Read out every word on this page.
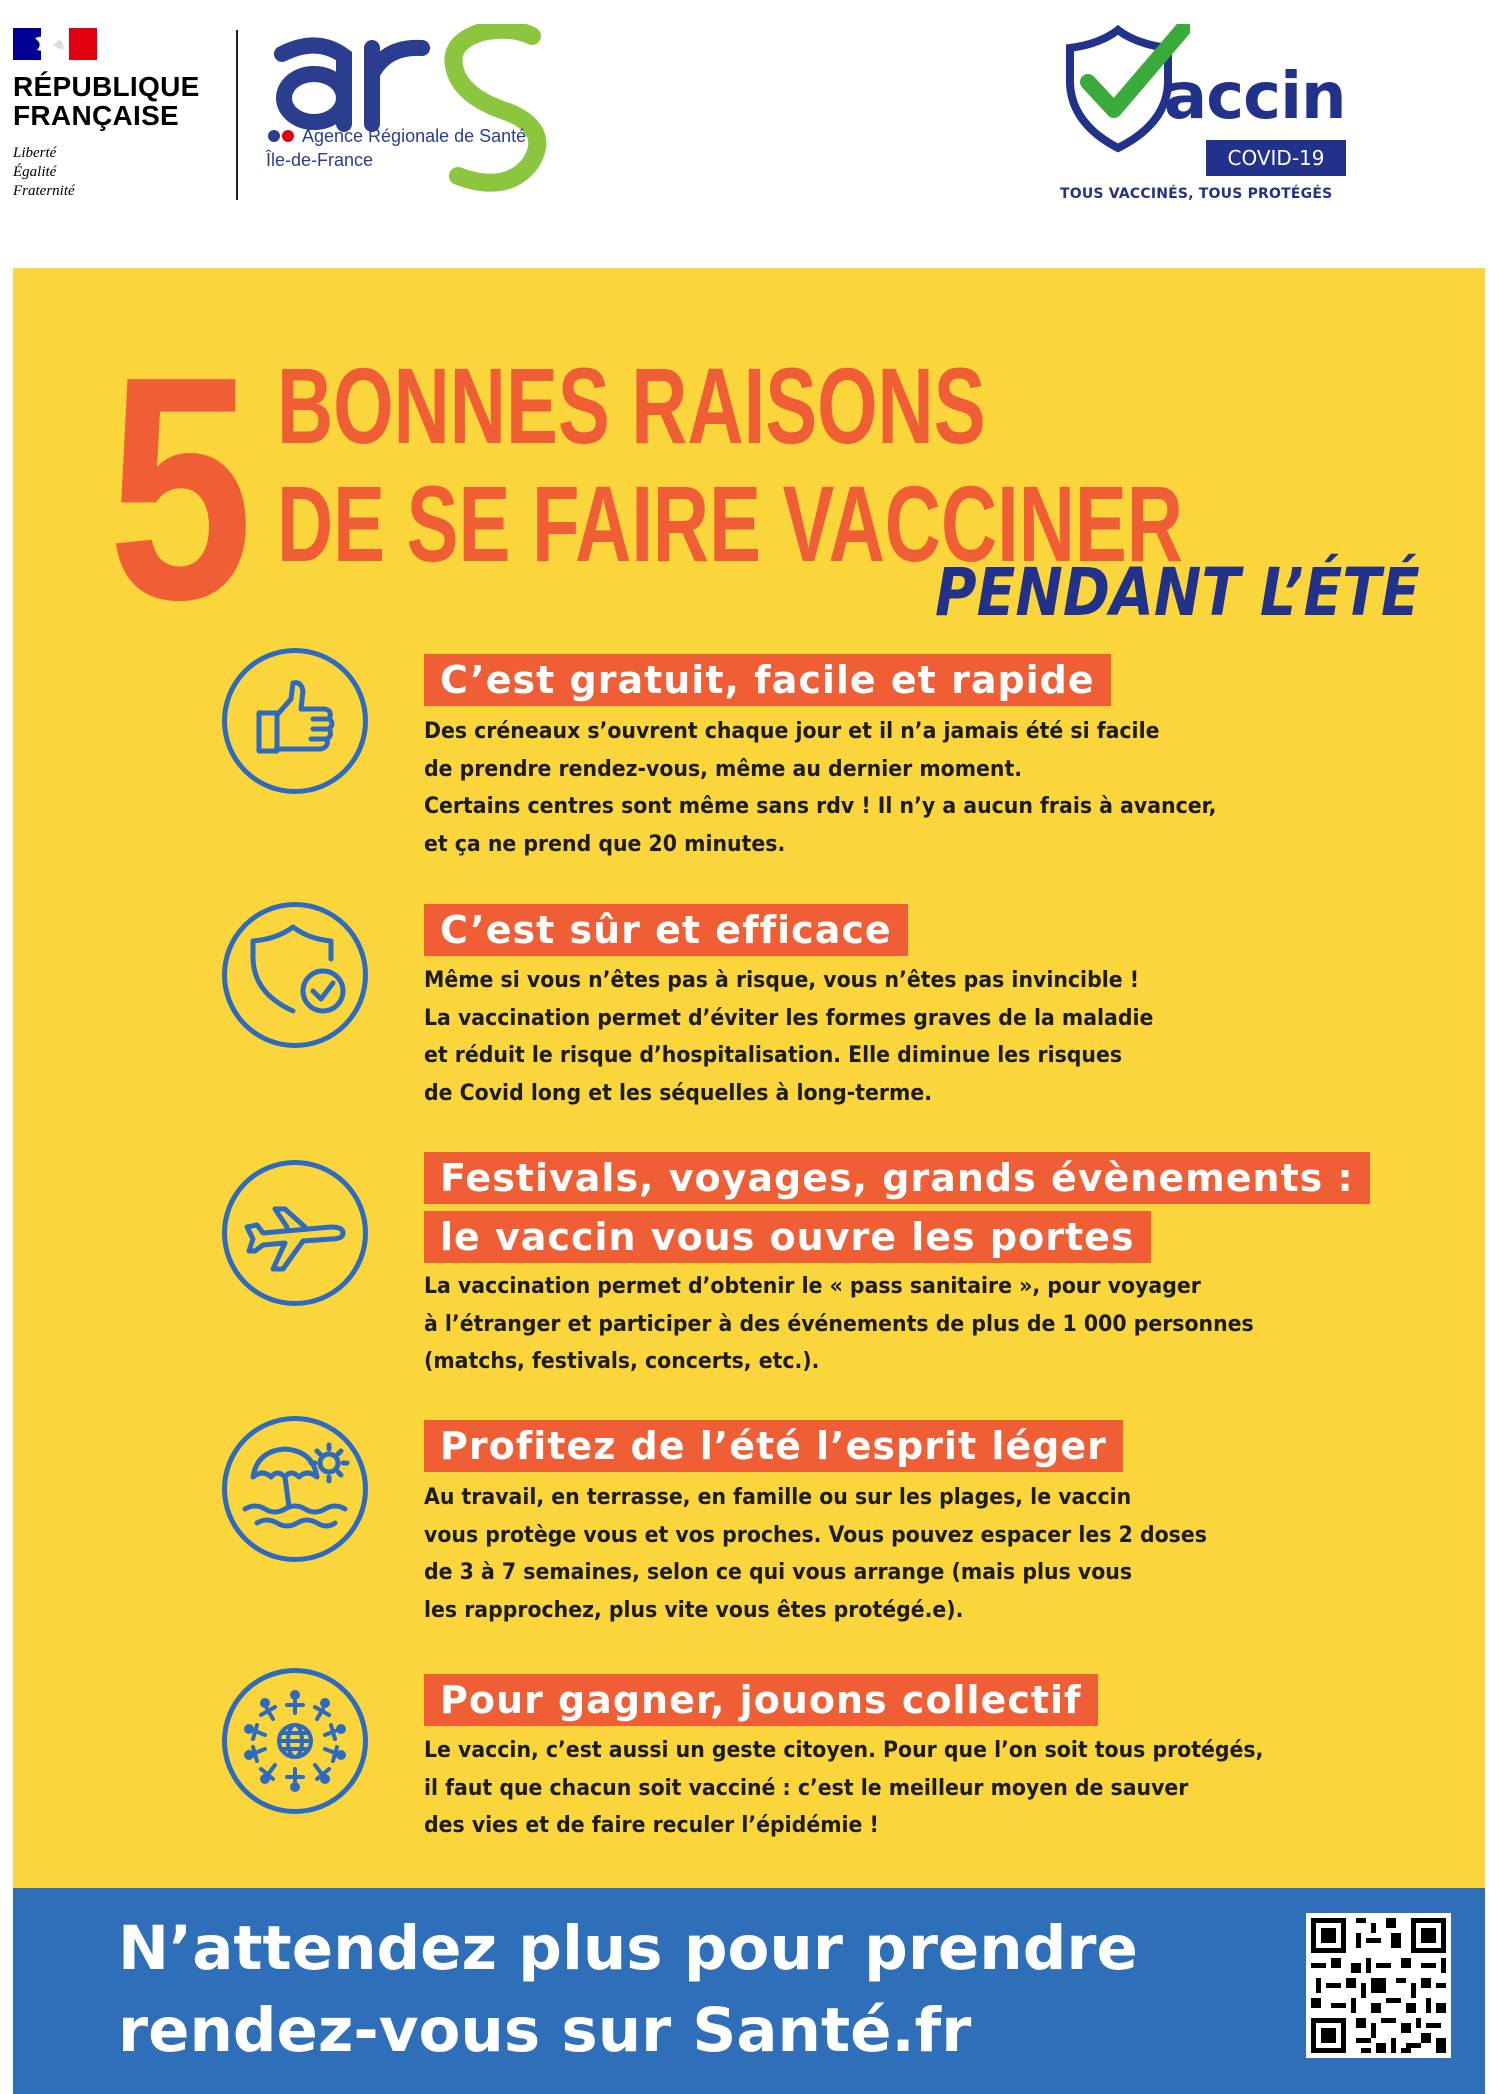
RÉPUBLIQUE
FRANÇAISE
Liberté
Égalité
Fraternité
Agence Régionale de Santé
Île-de-France
accin
COVID-19
TOUS VACCINÉS, TOUS PROTÉGÉS
5 BONNES RAISONS
DE SE FAIRE VACCINER
PENDANT L’ÉTÉ
C’est gratuit, facile et rapide
Des créneaux s’ouvrent chaque jour et il n’a jamais été si facile
de prendre rendez-vous, même au dernier moment.
Certains centres sont même sans rdv ! Il n’y a aucun frais à avancer,
et ça ne prend que 20 minutes.
C’est sûr et efficace
Même si vous n’êtes pas à risque, vous n’êtes pas invincible !
La vaccination permet d’éviter les formes graves de la maladie
et réduit le risque d’hospitalisation. Elle diminue les risques
de Covid long et les séquelles à long-terme.
Festivals, voyages, grands évènements :
le vaccin vous ouvre les portes
La vaccination permet d’obtenir le « pass sanitaire », pour voyager
à l’étranger et participer à des événements de plus de 1 000 personnes
(matchs, festivals, concerts, etc.).
Profitez de l’été l’esprit léger
Au travail, en terrasse, en famille ou sur les plages, le vaccin
vous protège vous et vos proches. Vous pouvez espacer les 2 doses
de 3 à 7 semaines, selon ce qui vous arrange (mais plus vous
les rapprochez, plus vite vous êtes protégé.e).
Pour gagner, jouons collectif
Le vaccin, c’est aussi un geste citoyen. Pour que l’on soit tous protégés,
il faut que chacun soit vacciné : c’est le meilleur moyen de sauver
des vies et de faire reculer l’épidémie !
N’attendez plus pour prendre
rendez-vous sur Santé.fr
